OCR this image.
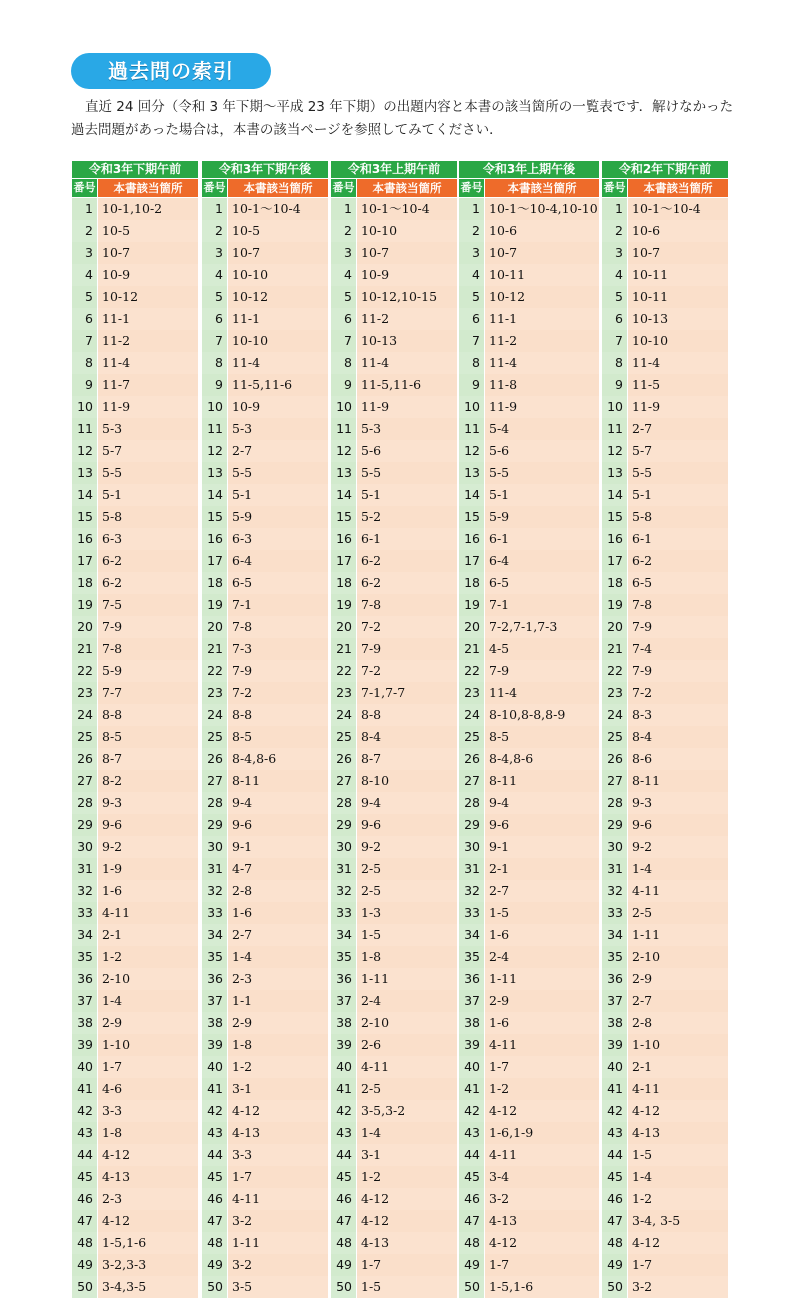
過去問の索引
直近 24 回分（令和 3 年下期～平成 23 年下期）の出題内容と本書の該当箇所の一覧表です．解けなかった過去問題があった場合は，本書の該当ページを参照してみてください．
令和3年下期午前
番号	本書該当箇所
1 10-1,10-2
2 10-5
3 10-7
4 10-9
5 10-12
6 11-1
7 11-2
8 11-4
9 11-7
10 11-9
11 5-3
12 5-7
13 5-5
14 5-1
15 5-8
16 6-3
17 6-2
18 6-2
19 7-5
20 7-9
21 7-8
22 5-9
23 7-7
24 8-8
25 8-5
26 8-7
27 8-2
28 9-3
29 9-6
30 9-2
31 1-9
32 1-6
33 4-11
34 2-1
35 1-2
36 2-10
37 1-4
38 2-9
39 1-10
40 1-7
41 4-6
42 3-3
43 1-8
44 4-12
45 4-13
46 2-3
47 4-12
48 1-5,1-6
49 3-2,3-3
50 3-4,3-5
令和3年下期午後
番号	本書該当箇所
1 10-1～10-4
2 10-5
3 10-7
4 10-10
5 10-12
6 11-1
7 10-10
8 11-4
9 11-5,11-6
10 10-9
11 5-3
12 2-7
13 5-5
14 5-1
15 5-9
16 6-3
17 6-4
18 6-5
19 7-1
20 7-8
21 7-3
22 7-9
23 7-2
24 8-8
25 8-5
26 8-4,8-6
27 8-11
28 9-4
29 9-6
30 9-1
31 4-7
32 2-8
33 1-6
34 2-7
35 1-4
36 2-3
37 1-1
38 2-9
39 1-8
40 1-2
41 3-1
42 4-12
43 4-13
44 3-3
45 1-7
46 4-11
47 3-2
48 1-11
49 3-2
50 3-5
令和3年上期午前
番号	本書該当箇所
1 10-1～10-4
2 10-10
3 10-7
4 10-9
5 10-12,10-15
6 11-2
7 10-13
8 11-4
9 11-5,11-6
10 11-9
11 5-3
12 5-6
13 5-5
14 5-1
15 5-2
16 6-1
17 6-2
18 6-2
19 7-8
20 7-2
21 7-9
22 7-2
23 7-1,7-7
24 8-8
25 8-4
26 8-7
27 8-10
28 9-4
29 9-6
30 9-2
31 2-5
32 2-5
33 1-3
34 1-5
35 1-8
36 1-11
37 2-4
38 2-10
39 2-6
40 4-11
41 2-5
42 3-5,3-2
43 1-4
44 3-1
45 1-2
46 4-12
47 4-12
48 4-13
49 1-7
50 1-5
令和3年上期午後
番号	本書該当箇所
1 10-1～10-4,10-10
2 10-6
3 10-7
4 10-11
5 10-12
6 11-1
7 11-2
8 11-4
9 11-8
10 11-9
11 5-4
12 5-6
13 5-5
14 5-1
15 5-9
16 6-1
17 6-4
18 6-5
19 7-1
20 7-2,7-1,7-3
21 4-5
22 7-9
23 11-4
24 8-10,8-8,8-9
25 8-5
26 8-4,8-6
27 8-11
28 9-4
29 9-6
30 9-1
31 2-1
32 2-7
33 1-5
34 1-6
35 2-4
36 1-11
37 2-9
38 1-6
39 4-11
40 1-7
41 1-2
42 4-12
43 1-6,1-9
44 4-11
45 3-4
46 3-2
47 4-13
48 4-12
49 1-7
50 1-5,1-6
令和2年下期午前
番号	本書該当箇所
1 10-1～10-4
2 10-6
3 10-7
4 10-11
5 10-11
6 10-13
7 10-10
8 11-4
9 11-5
10 11-9
11 2-7
12 5-7
13 5-5
14 5-1
15 5-8
16 6-1
17 6-2
18 6-5
19 7-8
20 7-9
21 7-4
22 7-9
23 7-2
24 8-3
25 8-4
26 8-6
27 8-11
28 9-3
29 9-6
30 9-2
31 1-4
32 4-11
33 2-5
34 1-11
35 2-10
36 2-9
37 2-7
38 2-8
39 1-10
40 2-1
41 4-11
42 4-12
43 4-13
44 1-5
45 1-4
46 1-2
47 3-4, 3-5
48 4-12
49 1-7
50 3-2
